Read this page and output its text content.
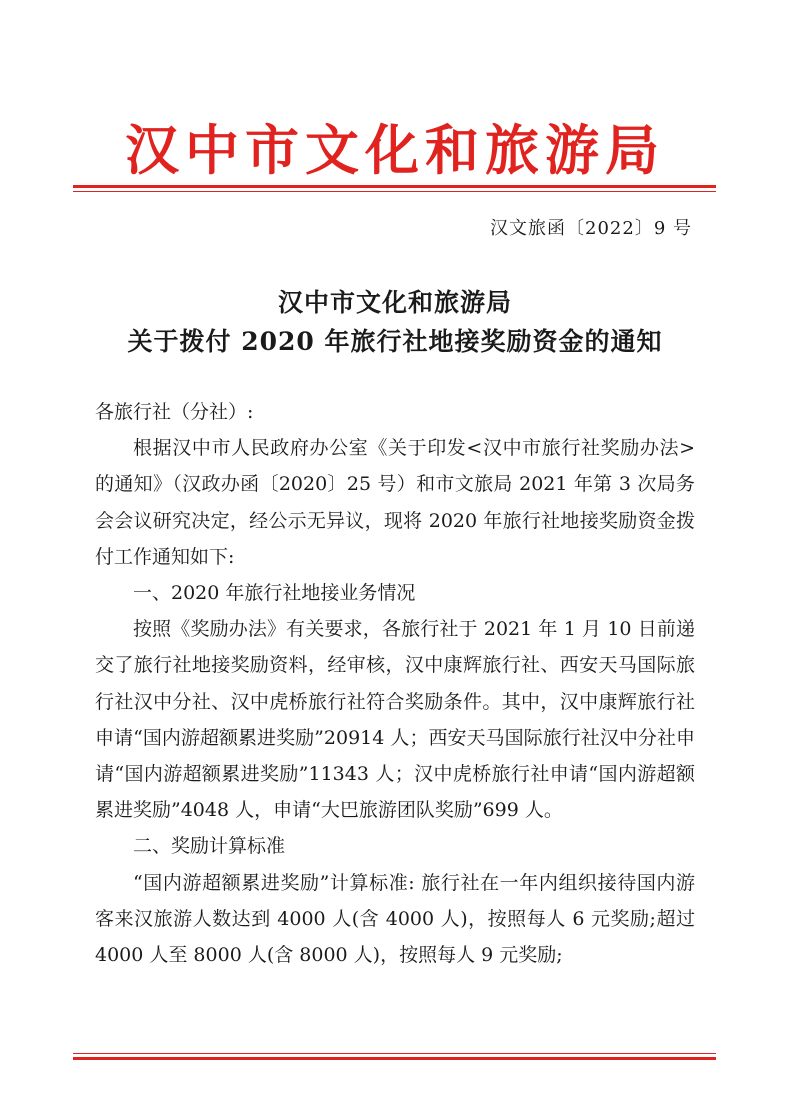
汉中市文化和旅游局
汉文旅函〔2022〕9 号
汉中市文化和旅游局
关于拨付 2020 年旅行社地接奖励资金的通知

各旅行社（分社）:

根据汉中市人民政府办公室《关于印发<汉中市旅行社奖励办法>的通知》（汉政办函〔2020〕25 号）和市文旅局 2021 年第 3 次局务会会议研究决定，经公示无异议，现将 2020 年旅行社地接奖励资金拨付工作通知如下:

一、2020 年旅行社地接业务情况

按照《奖励办法》有关要求，各旅行社于 2021 年 1 月 10 日前递交了旅行社地接奖励资料，经审核，汉中康辉旅行社、西安天马国际旅行社汉中分社、汉中虎桥旅行社符合奖励条件。其中，汉中康辉旅行社申请“国内游超额累进奖励”20914 人；西安天马国际旅行社汉中分社申请“国内游超额累进奖励”11343 人；汉中虎桥旅行社申请“国内游超额累进奖励”4048 人，申请“大巴旅游团队奖励”699 人。

二、奖励计算标准

“国内游超额累进奖励”计算标准: 旅行社在一年内组织接待国内游客来汉旅游人数达到 4000 人(含 4000 人)，按照每人 6 元奖励;超过 4000 人至 8000 人(含 8000 人)，按照每人 9 元奖励;
